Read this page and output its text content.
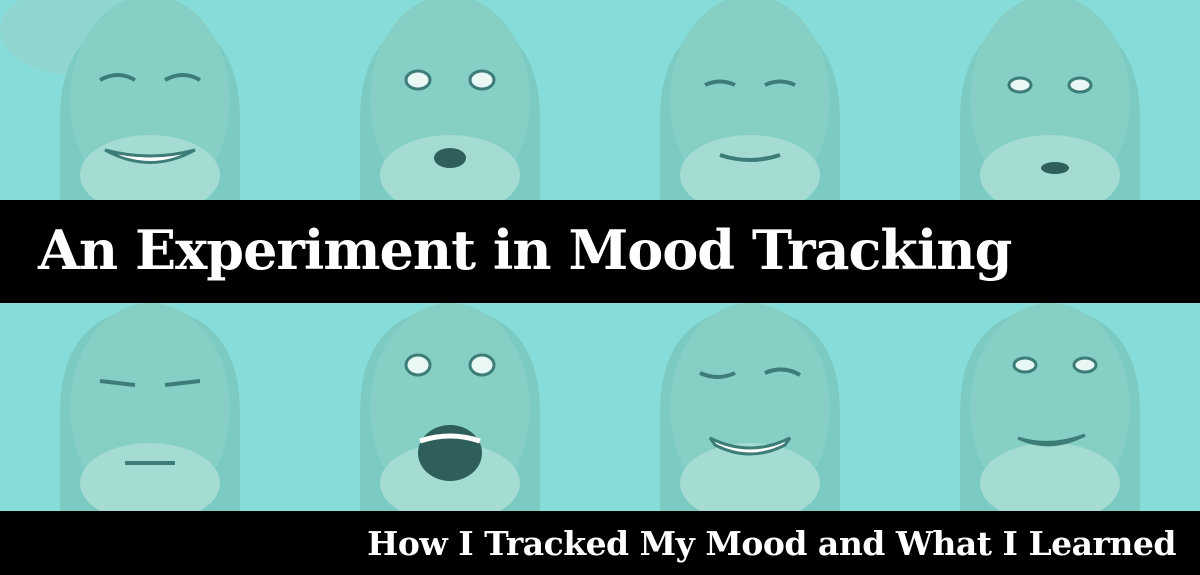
An Experiment in Mood Tracking
How I Tracked My Mood and What I Learned
